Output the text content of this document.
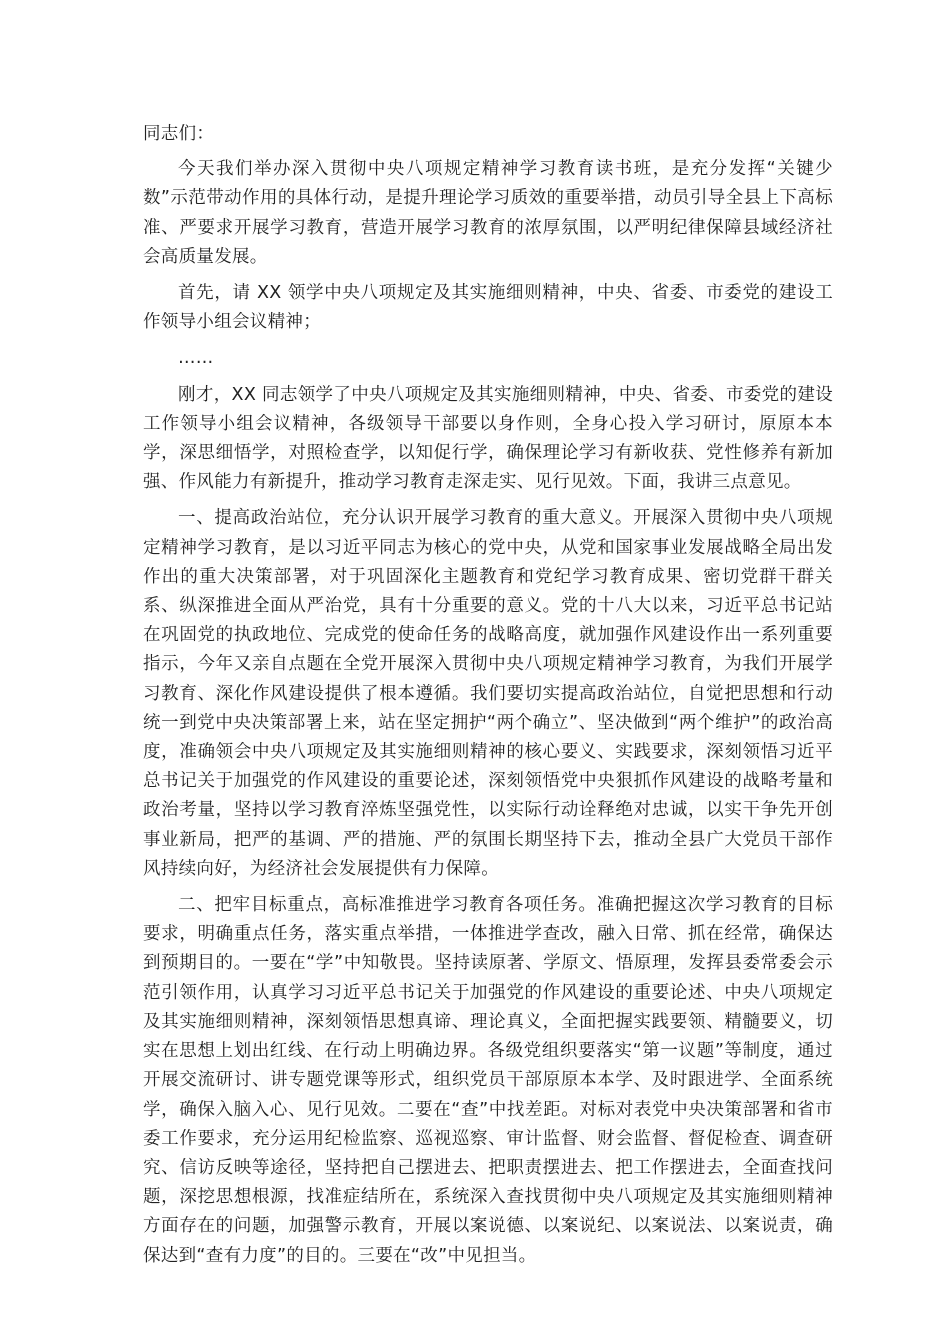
同志们：

今天我们举办深入贯彻中央八项规定精神学习教育读书班，是充分发挥“关键少数”示范带动作用的具体行动，是提升理论学习质效的重要举措，动员引导全县上下高标准、严要求开展学习教育，营造开展学习教育的浓厚氛围，以严明纪律保障县域经济社会高质量发展。

首先，请 XX 领学中央八项规定及其实施细则精神，中央、省委、市委党的建设工作领导小组会议精神；

……

刚才，XX 同志领学了中央八项规定及其实施细则精神，中央、省委、市委党的建设工作领导小组会议精神，各级领导干部要以身作则，全身心投入学习研讨，原原本本学，深思细悟学，对照检查学，以知促行学，确保理论学习有新收获、党性修养有新加强、作风能力有新提升，推动学习教育走深走实、见行见效。下面，我讲三点意见。

一、提高政治站位，充分认识开展学习教育的重大意义。开展深入贯彻中央八项规定精神学习教育，是以习近平同志为核心的党中央，从党和国家事业发展战略全局出发作出的重大决策部署，对于巩固深化主题教育和党纪学习教育成果、密切党群干群关系、纵深推进全面从严治党，具有十分重要的意义。党的十八大以来，习近平总书记站在巩固党的执政地位、完成党的使命任务的战略高度，就加强作风建设作出一系列重要指示，今年又亲自点题在全党开展深入贯彻中央八项规定精神学习教育，为我们开展学习教育、深化作风建设提供了根本遵循。我们要切实提高政治站位，自觉把思想和行动统一到党中央决策部署上来，站在坚定拥护“两个确立”、坚决做到“两个维护”的政治高度，准确领会中央八项规定及其实施细则精神的核心要义、实践要求，深刻领悟习近平总书记关于加强党的作风建设的重要论述，深刻领悟党中央狠抓作风建设的战略考量和政治考量，坚持以学习教育淬炼坚强党性，以实际行动诠释绝对忠诚，以实干争先开创事业新局，把严的基调、严的措施、严的氛围长期坚持下去，推动全县广大党员干部作风持续向好，为经济社会发展提供有力保障。

二、把牢目标重点，高标准推进学习教育各项任务。准确把握这次学习教育的目标要求，明确重点任务，落实重点举措，一体推进学查改，融入日常、抓在经常，确保达到预期目的。一要在“学”中知敬畏。坚持读原著、学原文、悟原理，发挥县委常委会示范引领作用，认真学习习近平总书记关于加强党的作风建设的重要论述、中央八项规定及其实施细则精神，深刻领悟思想真谛、理论真义，全面把握实践要领、精髓要义，切实在思想上划出红线、在行动上明确边界。各级党组织要落实“第一议题”等制度，通过开展交流研讨、讲专题党课等形式，组织党员干部原原本本学、及时跟进学、全面系统学，确保入脑入心、见行见效。二要在“查”中找差距。对标对表党中央决策部署和省市委工作要求，充分运用纪检监察、巡视巡察、审计监督、财会监督、督促检查、调查研究、信访反映等途径，坚持把自己摆进去、把职责摆进去、把工作摆进去，全面查找问题，深挖思想根源，找准症结所在，系统深入查找贯彻中央八项规定及其实施细则精神方面存在的问题，加强警示教育，开展以案说德、以案说纪、以案说法、以案说责，确保达到“查有力度”的目的。三要在“改”中见担当。
